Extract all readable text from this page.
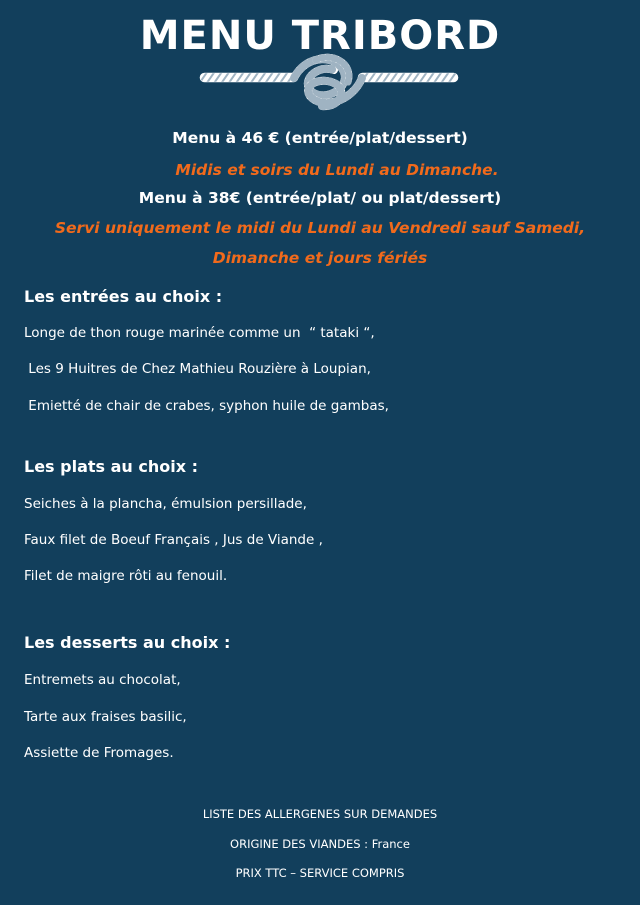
MENU TRIBORD
Menu à 46 € (entrée/plat/dessert)
Midis et soirs du Lundi au Dimanche.
Menu à 38€ (entrée/plat/ ou plat/dessert)
Servi uniquement le midi du Lundi au Vendredi sauf Samedi, Dimanche et jours fériés
Les entrées au choix :
Longe de thon rouge marinée comme un  “ tataki “,
Les 9 Huitres de Chez Mathieu Rouzière à Loupian,
Emietté de chair de crabes, syphon huile de gambas,
Les plats au choix :
Seiches à la plancha, émulsion persillade,
Faux filet de Boeuf Français , Jus de Viande ,
Filet de maigre rôti au fenouil.
Les desserts au choix :
Entremets au chocolat,
Tarte aux fraises basilic,
Assiette de Fromages.
LISTE DES ALLERGENES SUR DEMANDES
ORIGINE DES VIANDES : France
PRIX TTC – SERVICE COMPRIS
